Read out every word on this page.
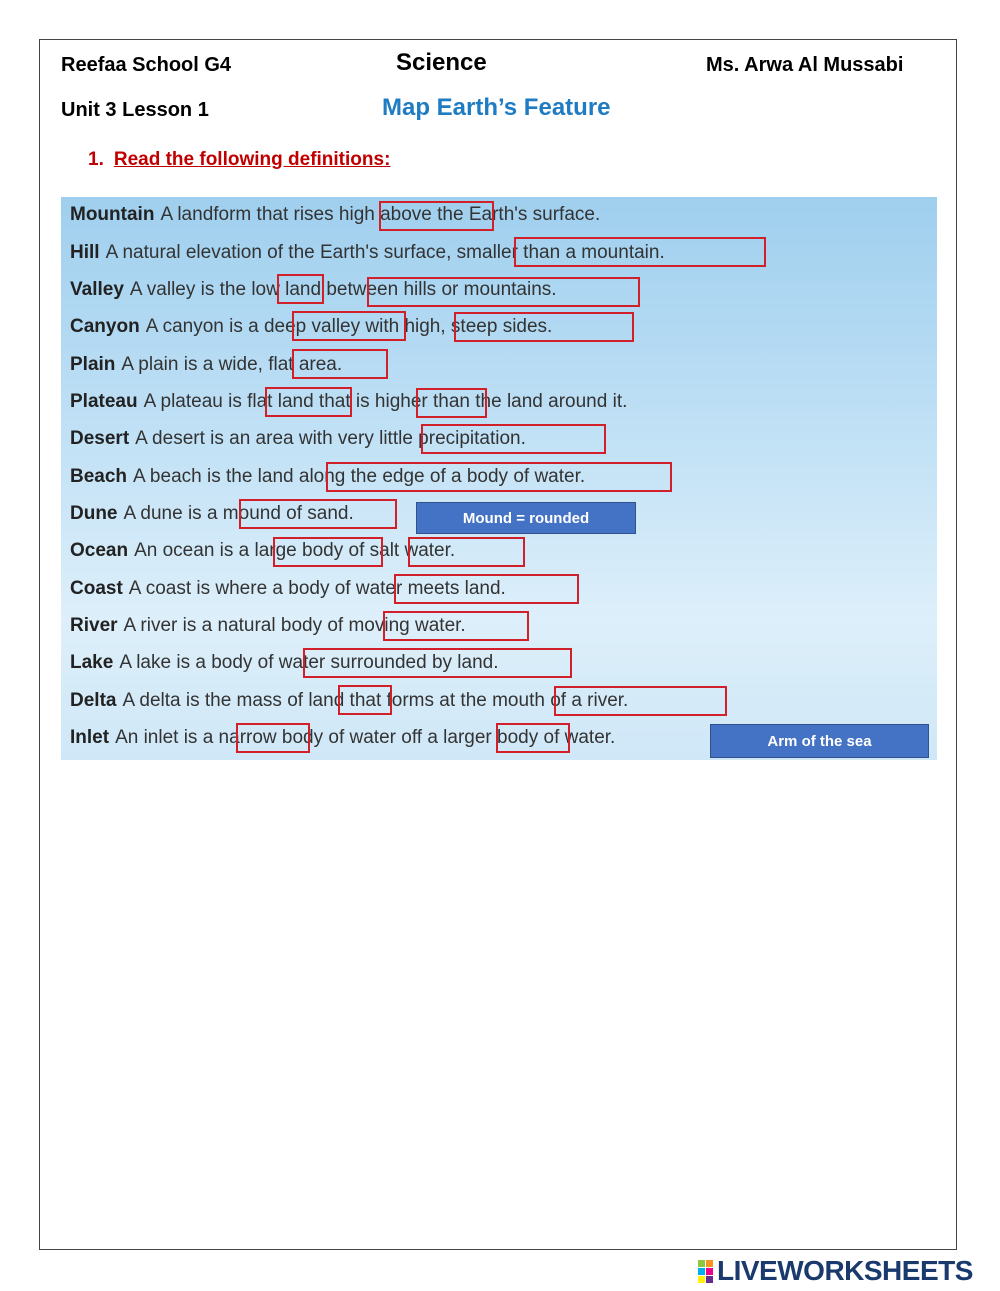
Reefaa School G4	Science	Ms. Arwa Al Mussabi
Unit 3 Lesson 1	Map Earth’s Feature
1. Read the following definitions:
Mountain A landform that rises high above the Earth's surface.
Hill A natural elevation of the Earth's surface, smaller than a mountain.
Valley A valley is the low land between hills or mountains.
Canyon A canyon is a deep valley with high, steep sides.
Plain A plain is a wide, flat area.
Plateau A plateau is flat land that is higher than the land around it.
Desert A desert is an area with very little precipitation.
Beach A beach is the land along the edge of a body of water.
Dune A dune is a mound of sand.
Ocean An ocean is a large body of salt water.
Coast A coast is where a body of water meets land.
River A river is a natural body of moving water.
Lake A lake is a body of water surrounded by land.
Delta A delta is the mass of land that forms at the mouth of a river.
Inlet An inlet is a narrow body of water off a larger body of water.
Mound = rounded
Arm of the sea
LIVEWORKSHEETS
